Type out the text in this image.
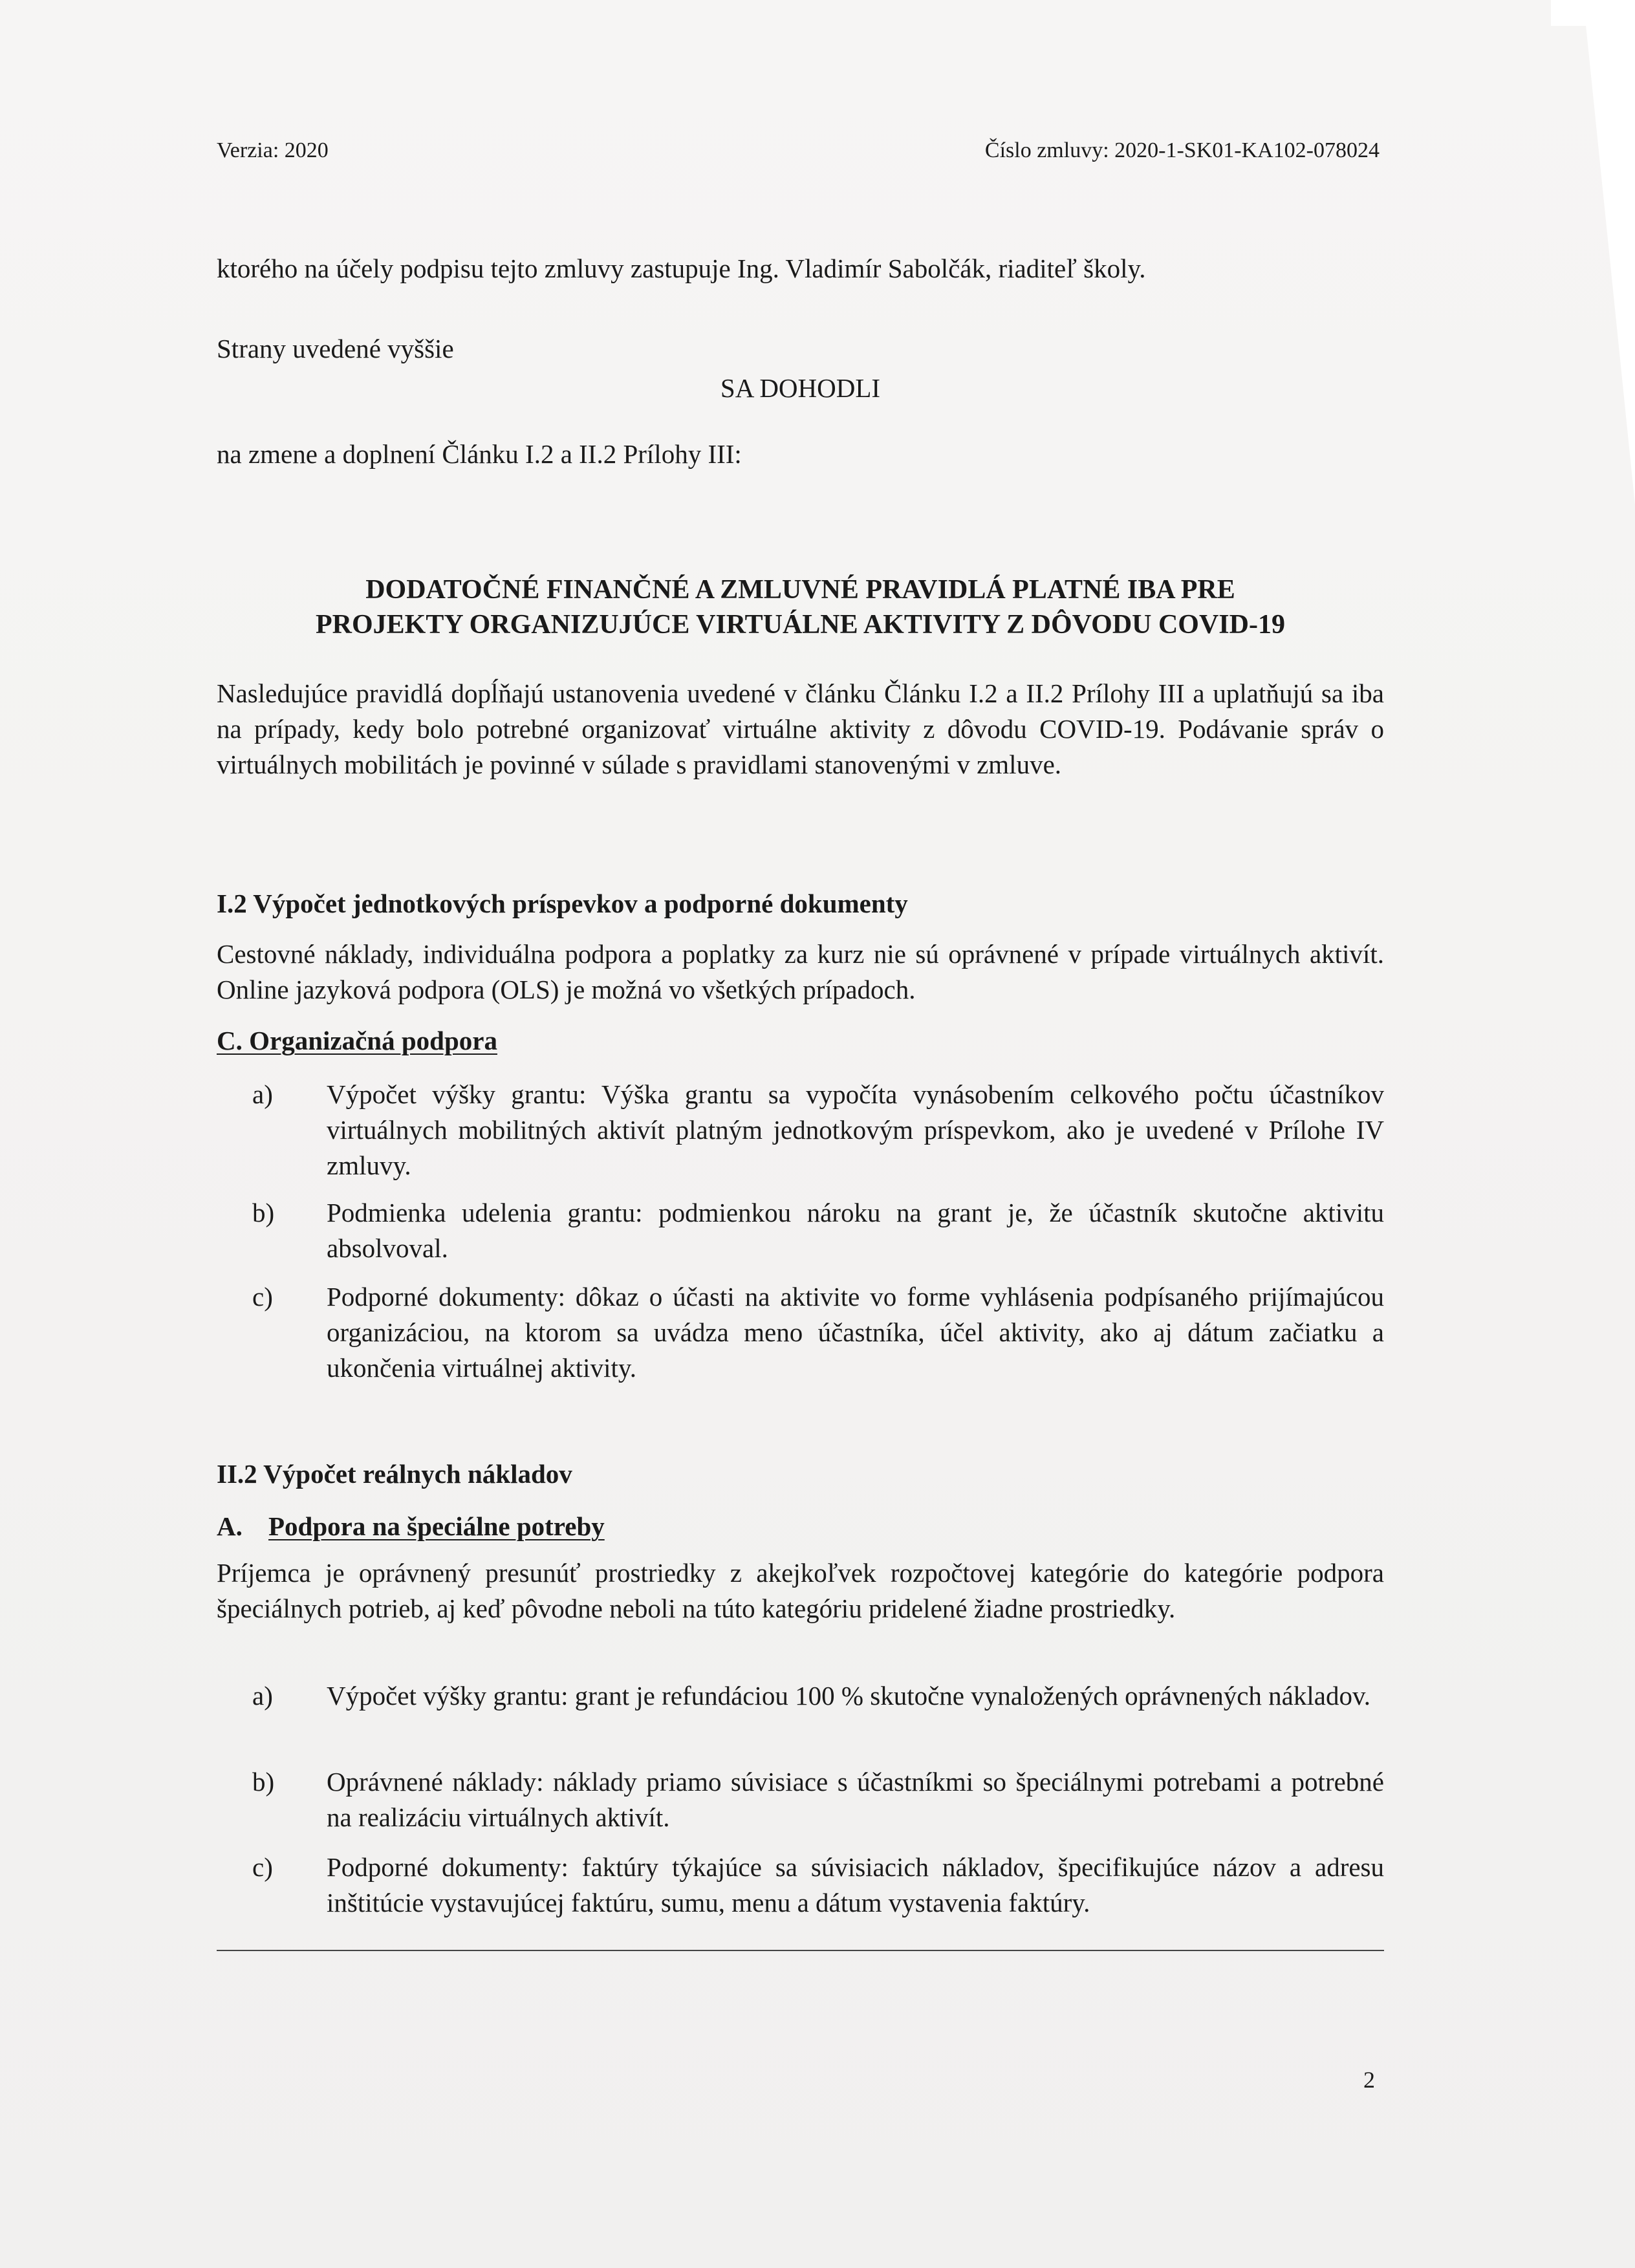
Verzia: 2020	Číslo zmluvy: 2020-1-SK01-KA102-078024
ktorého na účely podpisu tejto zmluvy zastupuje Ing. Vladimír Sabolčák, riaditeľ školy.
Strany uvedené vyššie
SA DOHODLI
na zmene a doplnení Článku I.2 a II.2 Prílohy III:
DODATOČNÉ FINANČNÉ A ZMLUVNÉ PRAVIDLÁ PLATNÉ IBA PRE
PROJEKTY ORGANIZUJÚCE VIRTUÁLNE AKTIVITY Z DÔVODU COVID-19
Nasledujúce pravidlá dopĺňajú ustanovenia uvedené v článku Článku I.2 a II.2 Prílohy III a uplatňujú sa iba na prípady, kedy bolo potrebné organizovať virtuálne aktivity z dôvodu COVID-19. Podávanie správ o virtuálnych mobilitách je povinné v súlade s pravidlami stanovenými v zmluve.
I.2 Výpočet jednotkových príspevkov a podporné dokumenty
Cestovné náklady, individuálna podpora a poplatky za kurz nie sú oprávnené v prípade virtuálnych aktivít. Online jazyková podpora (OLS) je možná vo všetkých prípadoch.
C. Organizačná podpora
a)	Výpočet výšky grantu: Výška grantu sa vypočíta vynásobením celkového počtu účastníkov virtuálnych mobilitných aktivít platným jednotkovým príspevkom, ako je uvedené v Prílohe IV zmluvy.
b)	Podmienka udelenia grantu: podmienkou nároku na grant je, že účastník skutočne aktivitu absolvoval.
c)	Podporné dokumenty: dôkaz o účasti na aktivite vo forme vyhlásenia podpísaného prijímajúcou organizáciou, na ktorom sa uvádza meno účastníka, účel aktivity, ako aj dátum začiatku a ukončenia virtuálnej aktivity.
II.2 Výpočet reálnych nákladov
A. Podpora na špeciálne potreby
Príjemca je oprávnený presunúť prostriedky z akejkoľvek rozpočtovej kategórie do kategórie podpora špeciálnych potrieb, aj keď pôvodne neboli na túto kategóriu pridelené žiadne prostriedky.
a)	Výpočet výšky grantu: grant je refundáciou 100 % skutočne vynaložených oprávnených nákladov.
b)	Oprávnené náklady: náklady priamo súvisiace s účastníkmi so špeciálnymi potrebami a potrebné na realizáciu virtuálnych aktivít.
c)	Podporné dokumenty: faktúry týkajúce sa súvisiacich nákladov, špecifikujúce názov a adresu inštitúcie vystavujúcej faktúru, sumu, menu a dátum vystavenia faktúry.
2
